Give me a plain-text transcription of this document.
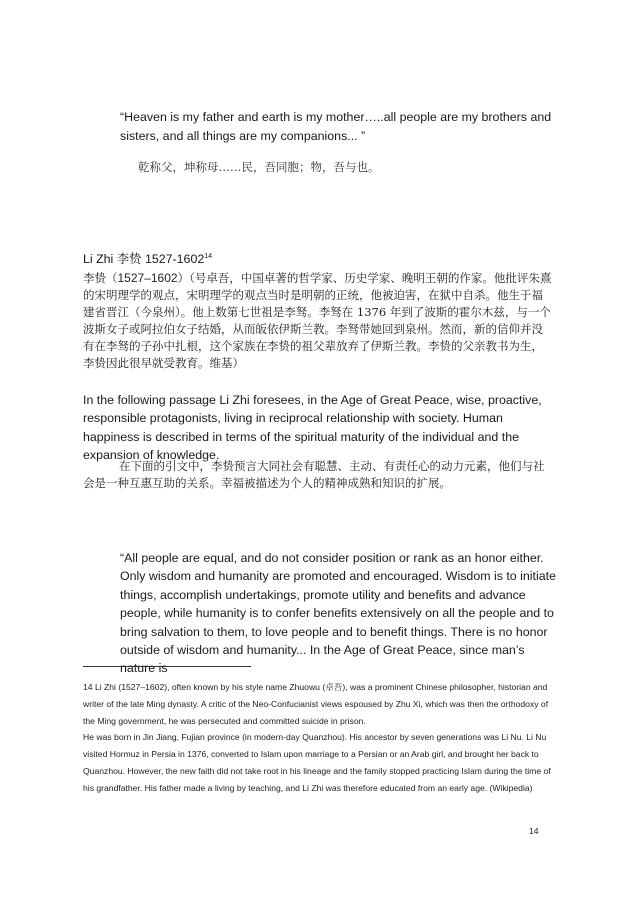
“Heaven is my father and earth is my mother…..all people are my brothers and sisters, and all things are my companions... ”

乾称父，坤称母……民，吾同胞；物，吾与也。

Li Zhi 李贽 1527-1602$^{14}$

李贽（1527–1602）（号卓吾，中国卓著的哲学家、历史学家、晚明王朝的作家。他批评朱熹的宋明理学的观点，宋明理学的观点当时是明朝的正统，他被迫害，在狱中自杀。他生于福建省晋江（今泉州）。他上数第七世祖是李驽。李驽在 1376 年到了波斯的霍尔木兹，与一个波斯女子或阿拉伯女子结婚，从而皈依伊斯兰教。李驽带她回到泉州。然而，新的信仰并没有在李驽的子孙中扎根，这个家族在李贽的祖父辈放弃了伊斯兰教。李贽的父亲教书为生，李贽因此很早就受教育。维基）

In the following passage Li Zhi foresees, in the Age of Great Peace, wise, proactive, responsible protagonists, living in reciprocal relationship with society. Human happiness is described in terms of the spiritual maturity of the individual and the expansion of knowledge.

在下面的引文中，李贽预言大同社会有聪慧、主动、有责任心的动力元素，他们与社会是一种互惠互助的关系。幸福被描述为个人的精神成熟和知识的扩展。

“All people are equal, and do not consider position or rank as an honor either. Only wisdom and humanity are promoted and encouraged. Wisdom is to initiate things, accomplish undertakings, promote utility and benefits and advance people, while humanity is to confer benefits extensively on all the people and to bring salvation to them, to love people and to benefit things. There is no honor outside of wisdom and humanity... In the Age of Great Peace, since man’s nature is

14 Li Zhi (1527–1602), often known by his style name Zhuowu (卓吾), was a prominent Chinese philosopher, historian and writer of the late Ming dynasty. A critic of the Neo-Confucianist views espoused by Zhu Xi, which was then the orthodoxy of the Ming government, he was persecuted and committed suicide in prison.

He was born in Jin Jiang, Fujian province (in modern-day Quanzhou). His ancestor by seven generations was Li Nu. Li Nu visited Hormuz in Persia in 1376, converted to Islam upon marriage to a Persian or an Arab girl, and brought her back to Quanzhou. However, the new faith did not take root in his lineage and the family stopped practicing Islam during the time of his grandfather. His father made a living by teaching, and Li Zhi was therefore educated from an early age. (Wikipedia)

14
